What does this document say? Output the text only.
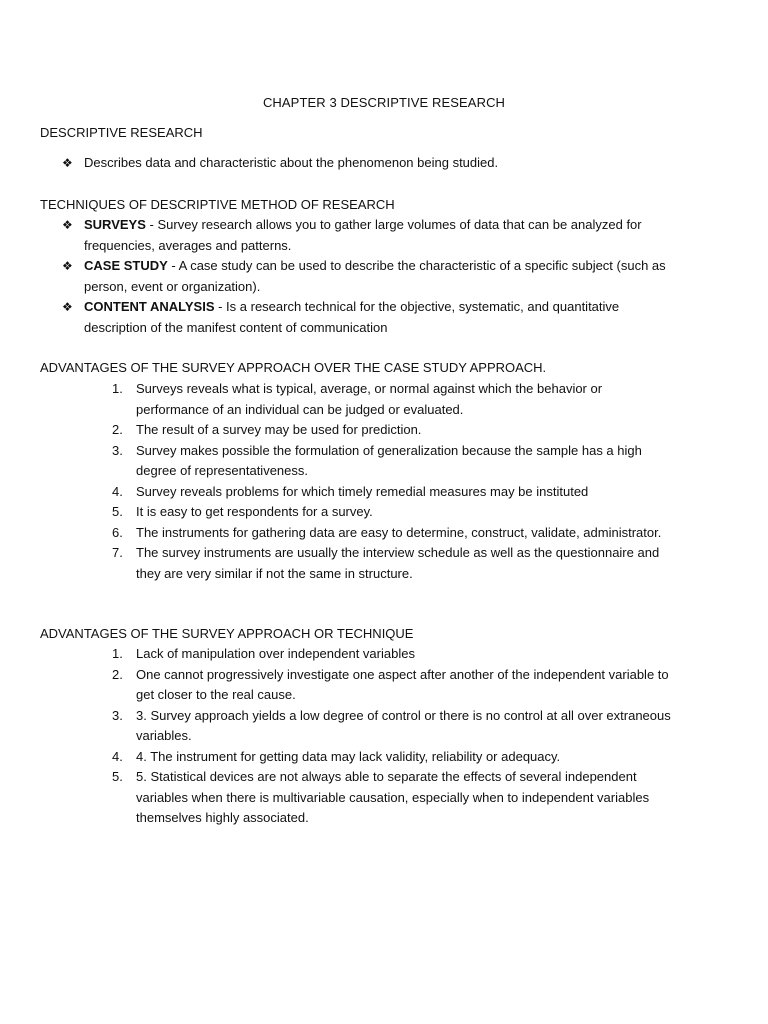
CHAPTER 3 DESCRIPTIVE RESEARCH
DESCRIPTIVE RESEARCH
❖ Describes data and characteristic about the phenomenon being studied.
TECHNIQUES OF DESCRIPTIVE METHOD OF RESEARCH
❖ SURVEYS - Survey research allows you to gather large volumes of data that can be analyzed for frequencies, averages and patterns.
❖ CASE STUDY - A case study can be used to describe the characteristic of a specific subject (such as person, event or organization).
❖ CONTENT ANALYSIS - Is a research technical for the objective, systematic, and quantitative description of the manifest content of communication
ADVANTAGES OF THE SURVEY APPROACH OVER THE CASE STUDY APPROACH.
1. Surveys reveals what is typical, average, or normal against which the behavior or performance of an individual can be judged or evaluated.
2. The result of a survey may be used for prediction.
3. Survey makes possible the formulation of generalization because the sample has a high degree of representativeness.
4. Survey reveals problems for which timely remedial measures may be instituted
5. It is easy to get respondents for a survey.
6. The instruments for gathering data are easy to determine, construct, validate, administrator.
7. The survey instruments are usually the interview schedule as well as the questionnaire and they are very similar if not the same in structure.
ADVANTAGES OF THE SURVEY APPROACH OR TECHNIQUE
1. Lack of manipulation over independent variables
2. One cannot progressively investigate one aspect after another of the independent variable to get closer to the real cause.
3. 3. Survey approach yields a low degree of control or there is no control at all over extraneous variables.
4. 4. The instrument for getting data may lack validity, reliability or adequacy.
5. 5. Statistical devices are not always able to separate the effects of several independent variables when there is multivariable causation, especially when to independent variables themselves highly associated.
